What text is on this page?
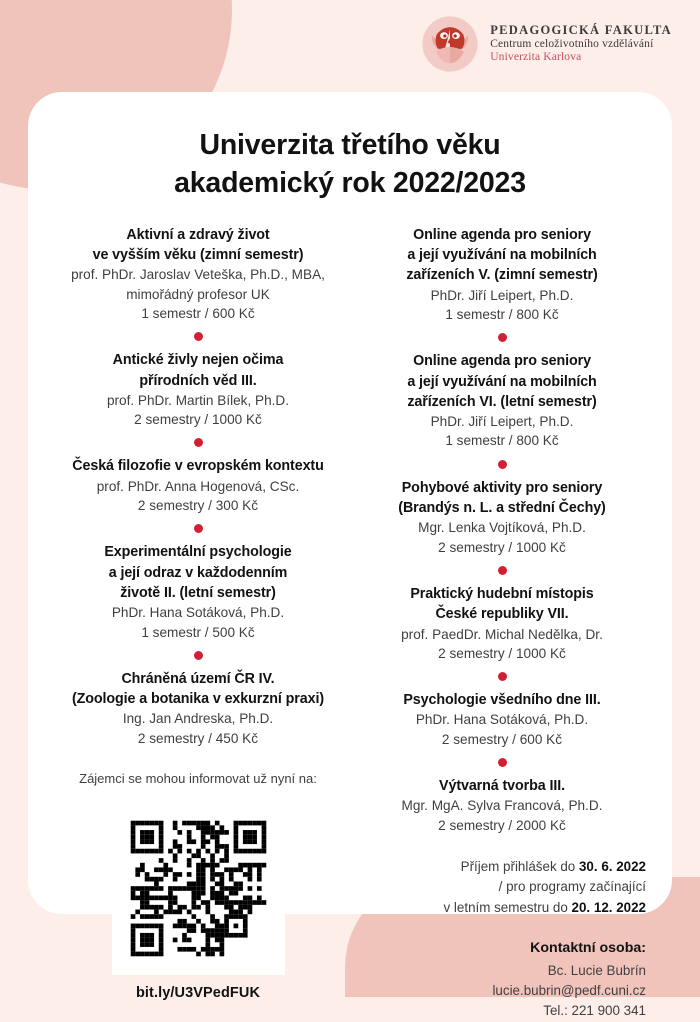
PEDAGOGICKÁ FAKULTA
Centrum celoživotního vzdělávání
Univerzita Karlova
Univerzita třetího věku
akademický rok 2022/2023
Aktivní a zdravý život
ve vyšším věku (zimní semestr)
prof. PhDr. Jaroslav Veteška, Ph.D., MBA,
mimořádný profesor UK
1 semestr / 600 Kč
Antické živly nejen očima
přírodních věd III.
prof. PhDr. Martin Bílek, Ph.D.
2 semestry / 1000 Kč
Česká filozofie v evropském kontextu
prof. PhDr. Anna Hogenová, CSc.
2 semestry / 300 Kč
Experimentální psychologie
a její odraz v každodenním
životě II. (letní semestr)
PhDr. Hana Sotáková, Ph.D.
1 semestr / 500 Kč
Chráněná území ČR IV.
(Zoologie a botanika v exkurzní praxi)
Ing. Jan Andreska, Ph.D.
2 semestry / 450 Kč
Zájemci se mohou informovat už nyní na:
bit.ly/U3VPedFUK
Online agenda pro seniory
a její využívání na mobilních
zařízeních V. (zimní semestr)
PhDr. Jiří Leipert, Ph.D.
1 semestr / 800 Kč
Online agenda pro seniory
a její využívání na mobilních
zařízeních VI. (letní semestr)
PhDr. Jiří Leipert, Ph.D.
1 semestr / 800 Kč
Pohybové aktivity pro seniory
(Brandýs n. L. a střední Čechy)
Mgr. Lenka Vojtíková, Ph.D.
2 semestry / 1000 Kč
Praktický hudební místopis
České republiky VII.
prof. PaedDr. Michal Nedělka, Dr.
2 semestry / 1000 Kč
Psychologie všedního dne III.
PhDr. Hana Sotáková, Ph.D.
2 semestry / 600 Kč
Výtvarná tvorba III.
Mgr. MgA. Sylva Francová, Ph.D.
2 semestry / 2000 Kč
Příjem přihlášek do 30. 6. 2022
/ pro programy začínající
v letním semestru do 20. 12. 2022
Kontaktní osoba:
Bc. Lucie Bubrín
lucie.bubrin@pedf.cuni.cz
Tel.: 221 900 341
